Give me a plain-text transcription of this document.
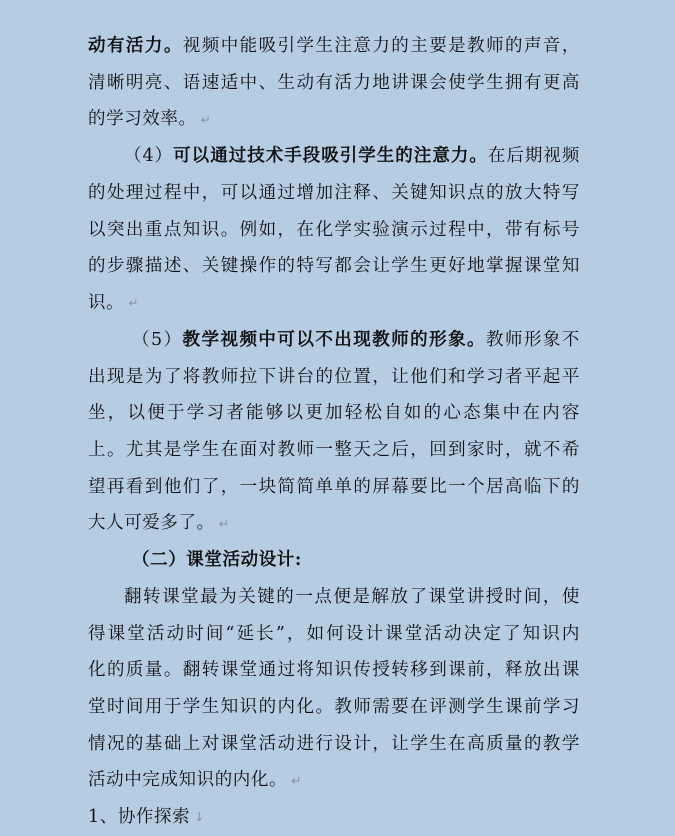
动有活力。视频中能吸引学生注意力的主要是教师的声音，
清晰明亮、语速适中、生动有活力地讲课会使学生拥有更高
的学习效率。 ↵
（4）可以通过技术手段吸引学生的注意力。在后期视频
的处理过程中，可以通过增加注释、关键知识点的放大特写
以突出重点知识。例如，在化学实验演示过程中，带有标号
的步骤描述、关键操作的特写都会让学生更好地掌握课堂知
识。 ↵
（5）教学视频中可以不出现教师的形象。教师形象不
出现是为了将教师拉下讲台的位置，让他们和学习者平起平
坐，以便于学习者能够以更加轻松自如的心态集中在内容
上。尤其是学生在面对教师一整天之后，回到家时，就不希
望再看到他们了，一块简简单单的屏幕要比一个居高临下的
大人可爱多了。 ↵
（二）课堂活动设计:
翻转课堂最为关键的一点便是解放了课堂讲授时间，使
得课堂活动时间“延长”，如何设计课堂活动决定了知识内
化的质量。翻转课堂通过将知识传授转移到课前，释放出课
堂时间用于学生知识的内化。教师需要在评测学生课前学习
情况的基础上对课堂活动进行设计，让学生在高质量的教学
活动中完成知识的内化。 ↵
1、协作探索 ↓
